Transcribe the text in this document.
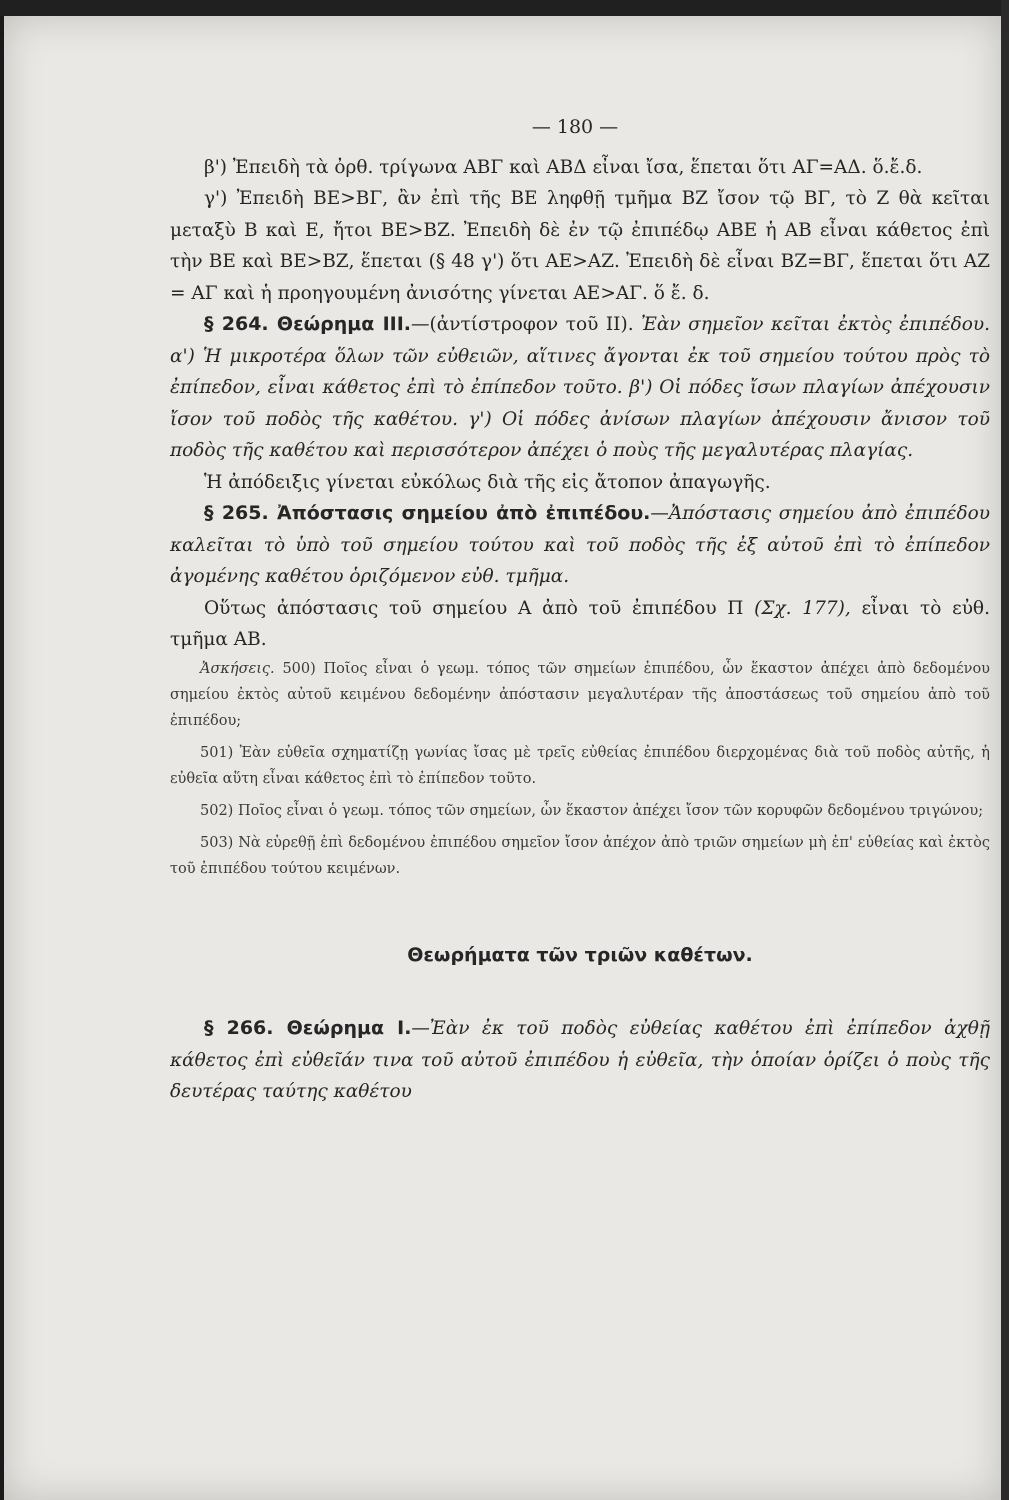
— 180 —

β') Ἐπειδὴ τὰ ὀρθ. τρίγωνα ΑΒΓ καὶ ΑΒΔ εἶναι ἴσα, ἕπεται ὅτι ΑΓ=ΑΔ. ὅ.ἔ.δ.

γ') Ἐπειδὴ ΒΕ>ΒΓ, ἂν ἐπὶ τῆς ΒΕ ληφθῇ τμῆμα ΒΖ ἴσον τῷ ΒΓ, τὸ Ζ θὰ κεῖται μεταξὺ Β καὶ Ε, ἤτοι ΒΕ>ΒΖ. Ἐπειδὴ δὲ ἐν τῷ ἐπιπέδῳ ΑΒΕ ἡ ΑΒ εἶναι κάθετος ἐπὶ τὴν ΒΕ καὶ ΒΕ>ΒΖ, ἕπεται (§ 48 γ') ὅτι ΑΕ>ΑΖ. Ἐπειδὴ δὲ εἶναι ΒΖ=ΒΓ, ἕπεται ὅτι ΑΖ = ΑΓ καὶ ἡ προηγουμένη ἀνισότης γίνεται ΑΕ>ΑΓ. ὅ ἔ. δ.

§ 264. Θεώρημα ΙΙΙ.—(ἀντίστροφον τοῦ ΙΙ). Ἐὰν σημεῖον κεῖται ἐκτὸς ἐπιπέδου. α') Ἡ μικροτέρα ὅλων τῶν εὐθειῶν, αἵτινες ἄγονται ἐκ τοῦ σημείου τούτου πρὸς τὸ ἐπίπεδον, εἶναι κάθετος ἐπὶ τὸ ἐπίπεδον τοῦτο. β') Οἱ πόδες ἴσων πλαγίων ἀπέχουσιν ἴσον τοῦ ποδὸς τῆς καθέτου. γ') Οἱ πόδες ἀνίσων πλαγίων ἀπέχουσιν ἄνισον τοῦ ποδὸς τῆς καθέτου καὶ περισσότερον ἀπέχει ὁ ποὺς τῆς μεγαλυτέρας πλαγίας.

Ἡ ἀπόδειξις γίνεται εὐκόλως διὰ τῆς εἰς ἄτοπον ἀπαγωγῆς.

§ 265. Ἀπόστασις σημείου ἀπὸ ἐπιπέδου.—Ἀπόστασις σημείου ἀπὸ ἐπιπέδου καλεῖται τὸ ὑπὸ τοῦ σημείου τούτου καὶ τοῦ ποδὸς τῆς ἐξ αὐτοῦ ἐπὶ τὸ ἐπίπεδον ἀγομένης καθέτου ὁριζόμενον εὐθ. τμῆμα.

Οὕτως ἀπόστασις τοῦ σημείου Α ἀπὸ τοῦ ἐπιπέδου Π (Σχ. 177), εἶναι τὸ εὐθ. τμῆμα ΑΒ.

Ἀσκήσεις. 500) Ποῖος εἶναι ὁ γεωμ. τόπος τῶν σημείων ἐπιπέδου, ὧν ἕκαστον ἀπέχει ἀπὸ δεδομένου σημείου ἐκτὸς αὐτοῦ κειμένου δεδομένην ἀπόστασιν μεγαλυτέραν τῆς ἀποστάσεως τοῦ σημείου ἀπὸ τοῦ ἐπιπέδου;

501) Ἐὰν εὐθεῖα σχηματίζῃ γωνίας ἴσας μὲ τρεῖς εὐθείας ἐπιπέδου διερχομένας διὰ τοῦ ποδὸς αὐτῆς, ἡ εὐθεῖα αὕτη εἶναι κάθετος ἐπὶ τὸ ἐπίπεδον τοῦτο.

502) Ποῖος εἶναι ὁ γεωμ. τόπος τῶν σημείων, ὧν ἕκαστον ἀπέχει ἴσον τῶν κορυφῶν δεδομένου τριγώνου;

503) Νὰ εὑρεθῇ ἐπὶ δεδομένου ἐπιπέδου σημεῖον ἴσον ἀπέχον ἀπὸ τριῶν σημείων μὴ ἐπ' εὐθείας καὶ ἐκτὸς τοῦ ἐπιπέδου τούτου κειμένων.

Θεωρήματα τῶν τριῶν καθέτων.

§ 266. Θεώρημα Ι.—Ἐὰν ἐκ τοῦ ποδὸς εὐθείας καθέτου ἐπὶ ἐπίπεδον ἀχθῇ κάθετος ἐπὶ εὐθεῖάν τινα τοῦ αὐτοῦ ἐπιπέδου ἡ εὐθεῖα, τὴν ὁποίαν ὁρίζει ὁ ποὺς τῆς δευτέρας ταύτης καθέτου
